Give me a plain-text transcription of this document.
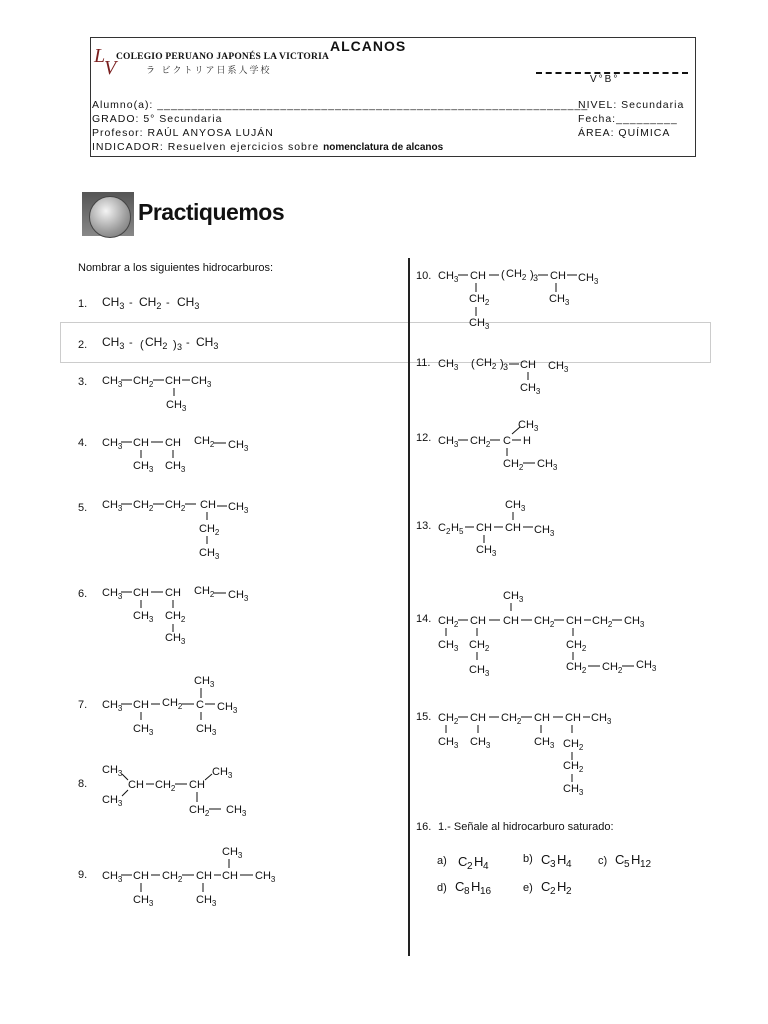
L
V COLEGIO PERUANO JAPONÉS LA VICTORIA
ラ ビクトリア日系人学校
ALCANOS
V°B°
Alumno(a): _______________________________________________________________
GRADO: 5° Secundaria
Profesor: RAÚL ANYOSA LUJÁN
INDICADOR: Resuelven ejercicios sobre nomenclatura de alcanos
NIVEL: Secundaria
Fecha:_________
ÁREA: QUÍMICA
Practiquemos
Nombrar a los siguientes hidrocarburos:
1.
2.
3.
4.
5.
6.
7.
8.
9.
10.
11.
12.
13.
14.
15.
16. 1.- Señale al hidrocarburo saturado:
a)	b)	c)
d)	e)
$CH_3 - CH_2 - CH_3$
$CH_3$ - ( $CH_2$ ) $3 - CH_3$
$CH_3$ $CH_2$ CH $CH_3$
$CH_3$
$CH_3$ CH CH $CH_2$ $CH_3$
$CH_3$ $CH_3$
$CH_3$ $CH_2$ $CH_2$ CH $CH_3$
$CH_2$
$CH_3$
$CH_3$ CH CH $CH_2$ $CH_3$
$CH_3$ $CH_2$
$CH_3$
$CH_3$ CH $CH_2$ C $CH_3$
$CH_3$
$CH_3$
$CH_3$
$CH_3$
$CH_3$
CH $CH_2$ CH
$CH_3$
$CH_2$ $CH_3$
$CH_3$ CH $CH_2$ CH CH $CH_3$
$CH_3$	$CH_3$
$CH_3$
$CH_3$ CH ( $CH_2$ ) 3 CH $CH_3$
$CH_2$
$CH_3$
$CH_3$
$CH_3$ ( $CH_2$ ) 3 CH $CH_3$
$CH_3$
$CH_3$ $CH_2$ C H
$CH_3$
$CH_2$ $CH_3$
C 2 H 5 CH CH $CH_3$
$CH_3$
$CH_3$
$CH_2$ CH CH $CH_2$ CH $CH_2$ $CH_3$
$CH_3$ $CH_2$
$CH_3$
$CH_3$
$CH_2$
$CH_2$ $CH_2$ $CH_3$
$CH_2$ CH $CH_2$ CH CH $CH_3$
$CH_3$ $CH_3$	$CH_3$ $CH_2$
$CH_2$
$CH_3$
C 2 H 4	C 3 H 4	C 5 H 12
C 8 H 16	C 2 H 2
